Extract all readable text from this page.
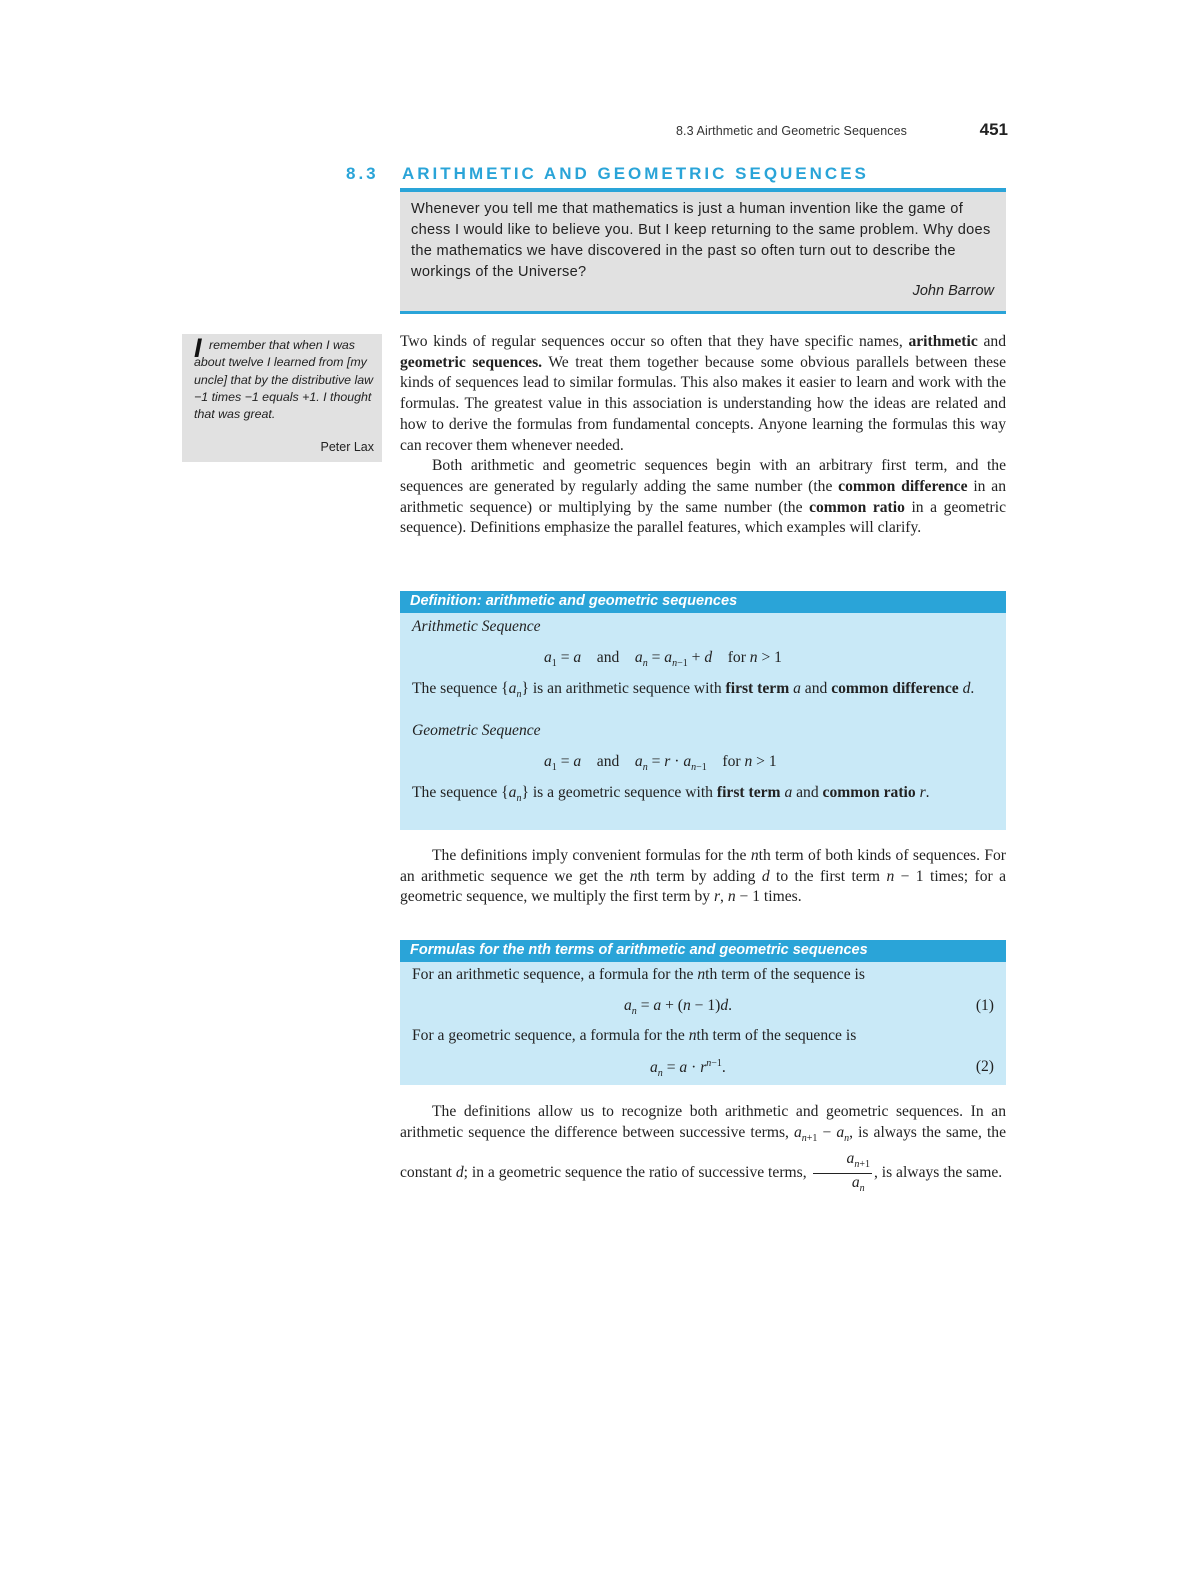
8.3 Airthmetic and Geometric Sequences	451
8.3 ARITHMETIC AND GEOMETRIC SEQUENCES
Whenever you tell me that mathematics is just a human invention like the game of chess I would like to believe you. But I keep returning to the same problem. Why does the mathematics we have discovered in the past so often turn out to describe the workings of the Universe?
John Barrow
I remember that when I was about twelve I learned from [my uncle] that by the distributive law −1 times −1 equals +1. I thought that was great.
Peter Lax

Two kinds of regular sequences occur so often that they have specific names, arithmetic and geometric sequences. We treat them together because some obvious parallels between these kinds of sequences lead to similar formulas. This also makes it easier to learn and work with the formulas. The greatest value in this association is understanding how the ideas are related and how to derive the formulas from fundamental concepts. Anyone learning the formulas this way can recover them whenever needed.

Both arithmetic and geometric sequences begin with an arbitrary first term, and the sequences are generated by regularly adding the same number (the common difference in an arithmetic sequence) or multiplying by the same number (the common ratio in a geometric sequence). Definitions emphasize the parallel features, which examples will clarify.

Definition: arithmetic and geometric sequences
Arithmetic Sequence
$a_1 = a$ and $a_n = a_{n-1} + d$ for n > 1
The sequence $\{a_n\}$ is an arithmetic sequence with first term a and common difference d.
Geometric Sequence
$a_1 = a$ and $a_n = r \cdot a_{n-1}$ for n > 1
The sequence $\{a_n\}$ is a geometric sequence with first term a and common ratio r.

The definitions imply convenient formulas for the nth term of both kinds of sequences. For an arithmetic sequence we get the nth term by adding d to the first term n − 1 times; for a geometric sequence, we multiply the first term by r, n − 1 times.

Formulas for the nth terms of arithmetic and geometric sequences
For an arithmetic sequence, a formula for the nth term of the sequence is
$a_n = a + (n - 1)d$.	(1)
For a geometric sequence, a formula for the nth term of the sequence is
$a_n = a \cdot r^{n-1}$.	(2)

The definitions allow us to recognize both arithmetic and geometric sequences. In an arithmetic sequence the difference between successive terms, $a_{n+1} - a_n$, is always the same, the constant d; in a geometric sequence the ratio of successive terms, $\frac{a_{n+1}}{a_n}$ , is always the same.
